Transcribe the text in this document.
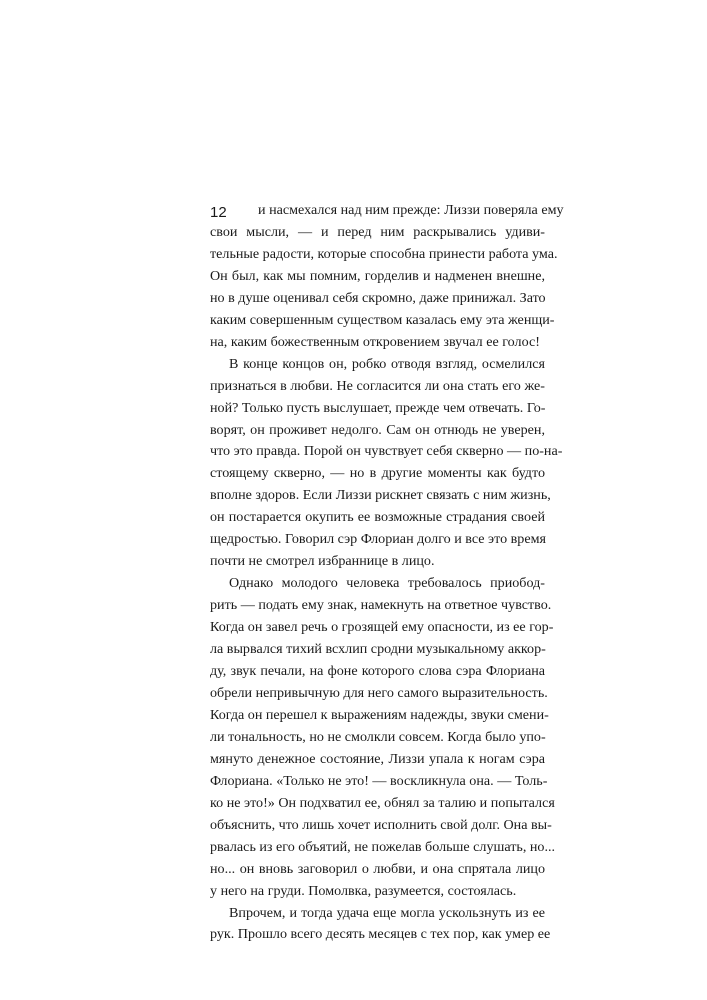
12	и насмехался над ним прежде: Лиззи поверяла ему
свои мысли, — и перед ним раскрывались удиви-
тельные радости, которые способна принести работа ума.
Он был, как мы помним, горделив и надменен внешне,
но в душе оценивал себя скромно, даже принижал. Зато
каким совершенным существом казалась ему эта женщи-
на, каким божественным откровением звучал ее голос!
В конце концов он, робко отводя взгляд, осмелился
признаться в любви. Не согласится ли она стать его же-
ной? Только пусть выслушает, прежде чем отвечать. Го-
ворят, он проживет недолго. Сам он отнюдь не уверен,
что это правда. Порой он чувствует себя скверно — по-на-
стоящему скверно, — но в другие моменты как будто
вполне здоров. Если Лиззи рискнет связать с ним жизнь,
он постарается окупить ее возможные страдания своей
щедростью. Говорил сэр Флориан долго и все это время
почти не смотрел избраннице в лицо.
Однако молодого человека требовалось приобод-
рить — подать ему знак, намекнуть на ответное чувство.
Когда он завел речь о грозящей ему опасности, из ее гор-
ла вырвался тихий всхлип сродни музыкальному аккор-
ду, звук печали, на фоне которого слова сэра Флориана
обрели непривычную для него самого выразительность.
Когда он перешел к выражениям надежды, звуки смени-
ли тональность, но не смолкли совсем. Когда было упо-
мянуто денежное состояние, Лиззи упала к ногам сэра
Флориана. «Только не это! — воскликнула она. — Толь-
ко не это!» Он подхватил ее, обнял за талию и попытался
объяснить, что лишь хочет исполнить свой долг. Она вы-
рвалась из его объятий, не пожелав больше слушать, но...
но... он вновь заговорил о любви, и она спрятала лицо
у него на груди. Помолвка, разумеется, состоялась.
Впрочем, и тогда удача еще могла ускользнуть из ее
рук. Прошло всего десять месяцев с тех пор, как умер ее
